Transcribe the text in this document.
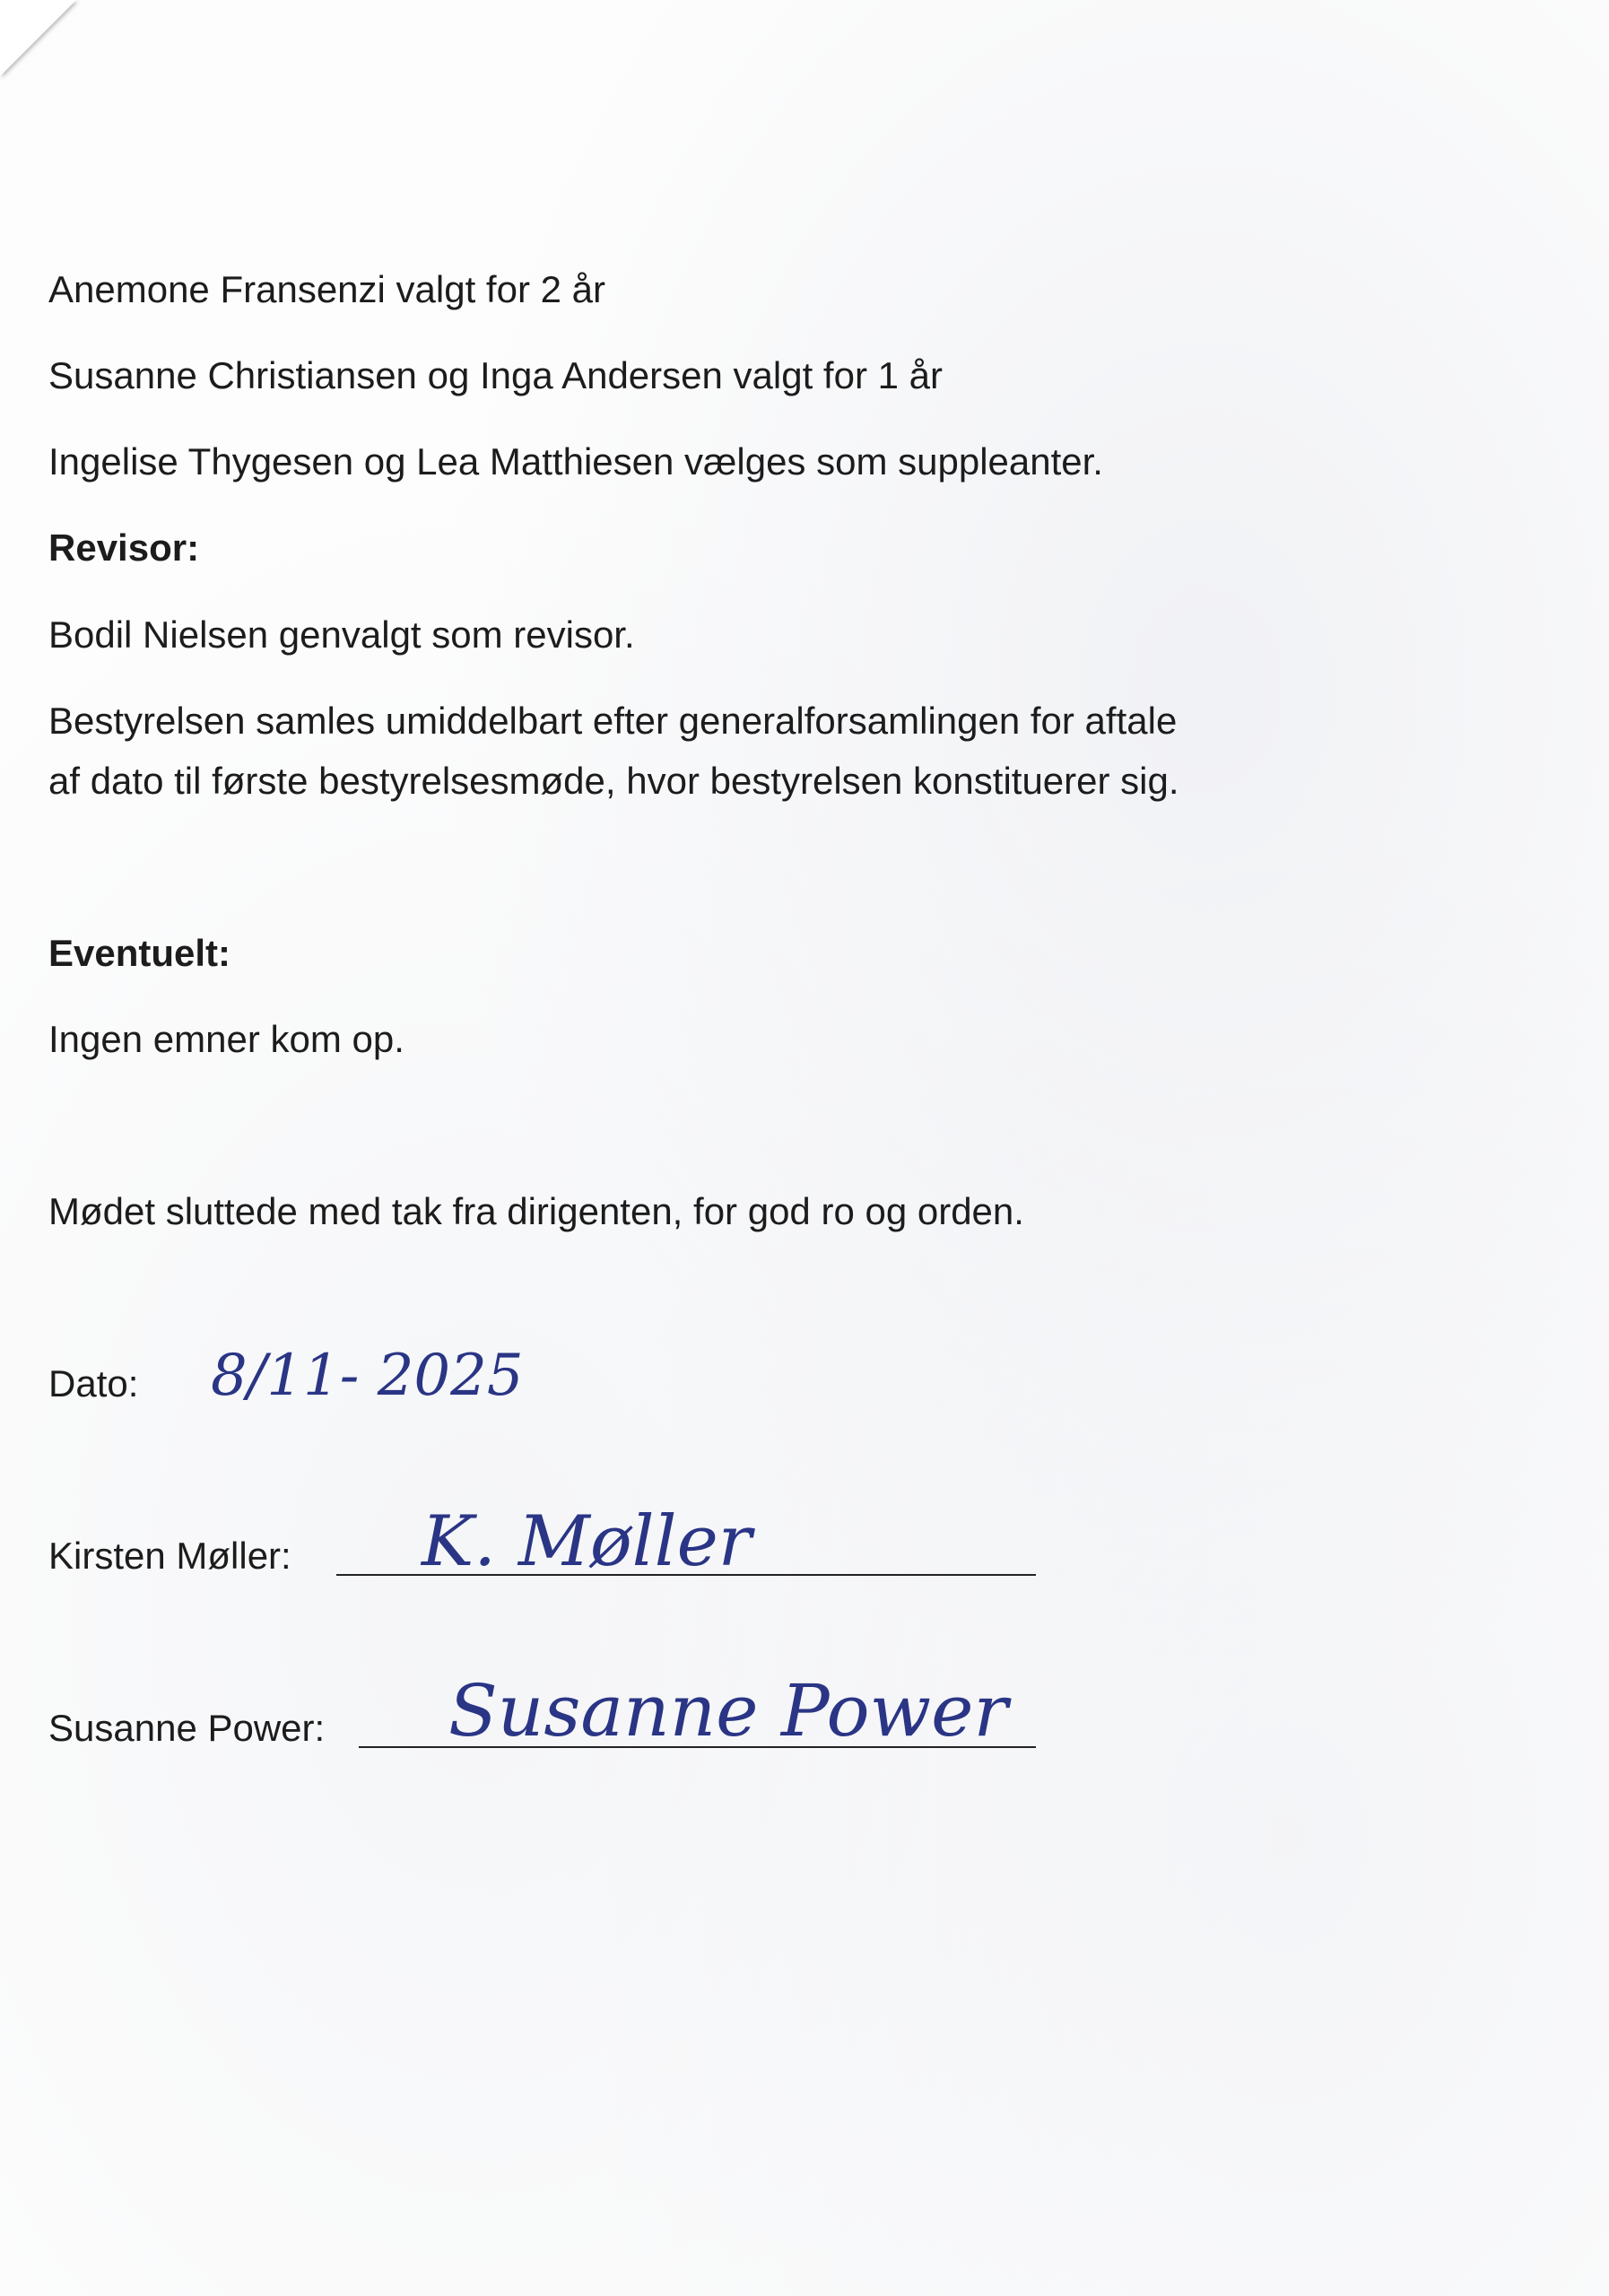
Anemone Fransenzi valgt for 2 år

Susanne Christiansen og Inga Andersen valgt for 1 år

Ingelise Thygesen og Lea Matthiesen vælges som suppleanter.

Revisor:

Bodil Nielsen genvalgt som revisor.

Bestyrelsen samles umiddelbart efter generalforsamlingen for aftale

af dato til første bestyrelsesmøde, hvor bestyrelsen konstituerer sig.

Eventuelt:

Ingen emner kom op.

Mødet sluttede med tak fra dirigenten, for god ro og orden.

Dato: 8/11- 2025

Kirsten Møller: K. Møller

Susanne Power: Susanne Power
